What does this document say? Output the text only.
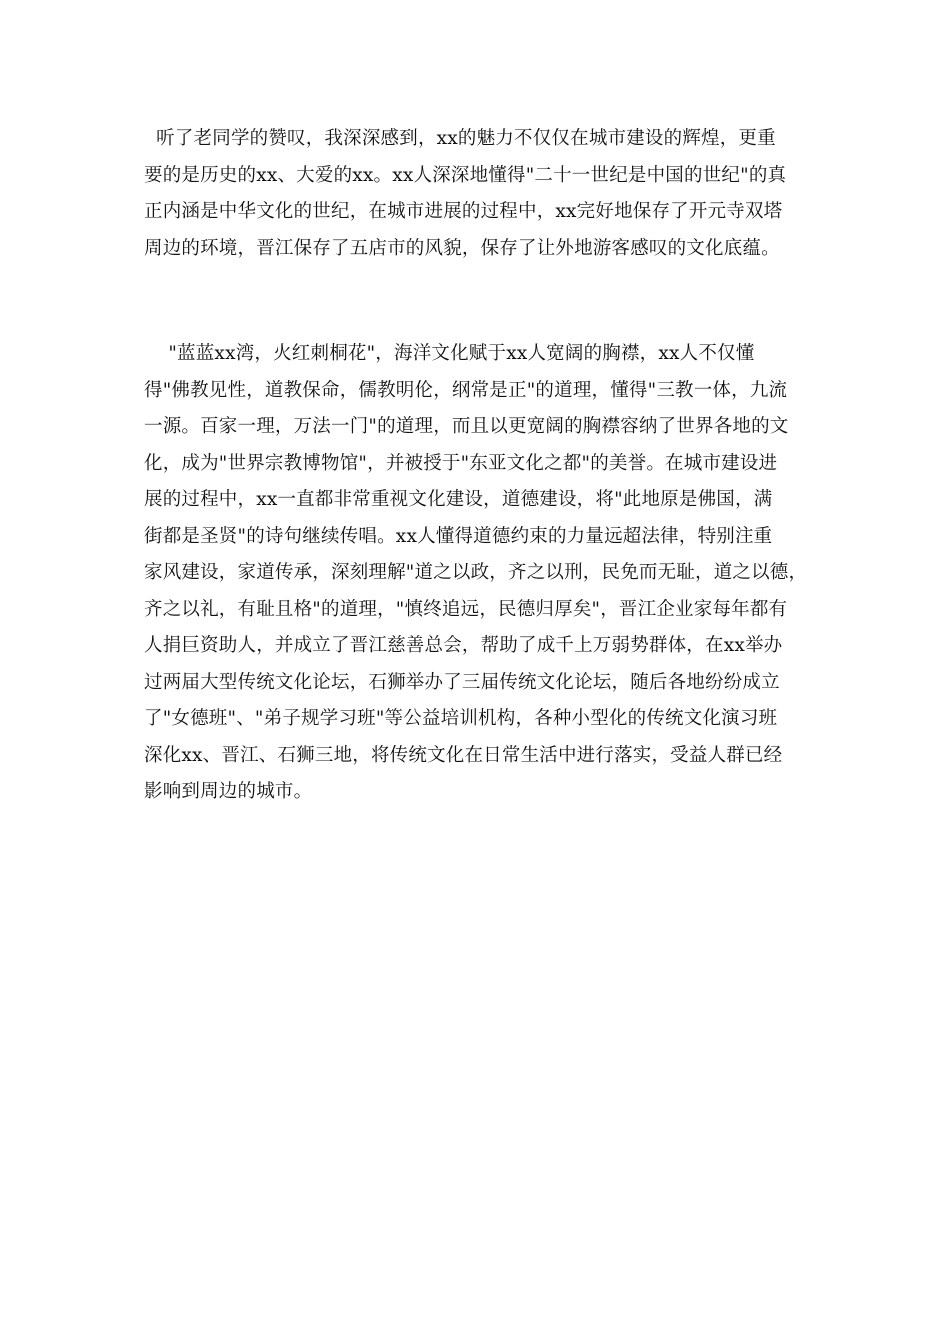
听了老同学的赞叹，我深深感到，xx的魅力不仅仅在城市建设的辉煌，更重
要的是历史的xx、大爱的xx。xx人深深地懂得"二十一世纪是中国的世纪"的真
正内涵是中华文化的世纪，在城市进展的过程中，xx完好地保存了开元寺双塔
周边的环境，晋江保存了五店市的风貌，保存了让外地游客感叹的文化底蕴。
"蓝蓝xx湾，火红刺桐花"，海洋文化赋于xx人宽阔的胸襟，xx人不仅懂
得"佛教见性，道教保命，儒教明伦，纲常是正"的道理，懂得"三教一体，九流
一源。百家一理，万法一门"的道理，而且以更宽阔的胸襟容纳了世界各地的文
化，成为"世界宗教博物馆"，并被授于"东亚文化之都"的美誉。在城市建设进
展的过程中，xx一直都非常重视文化建设，道德建设，将"此地原是佛国，满
街都是圣贤"的诗句继续传唱。xx人懂得道德约束的力量远超法律，特别注重
家风建设，家道传承，深刻理解"道之以政，齐之以刑，民免而无耻，道之以德，
齐之以礼，有耻且格"的道理，"慎终追远，民德归厚矣"，晋江企业家每年都有
人捐巨资助人，并成立了晋江慈善总会，帮助了成千上万弱势群体，在xx举办
过两届大型传统文化论坛，石狮举办了三届传统文化论坛，随后各地纷纷成立
了"女德班"、"弟子规学习班"等公益培训机构，各种小型化的传统文化演习班
深化xx、晋江、石狮三地，将传统文化在日常生活中进行落实，受益人群已经
影响到周边的城市。
